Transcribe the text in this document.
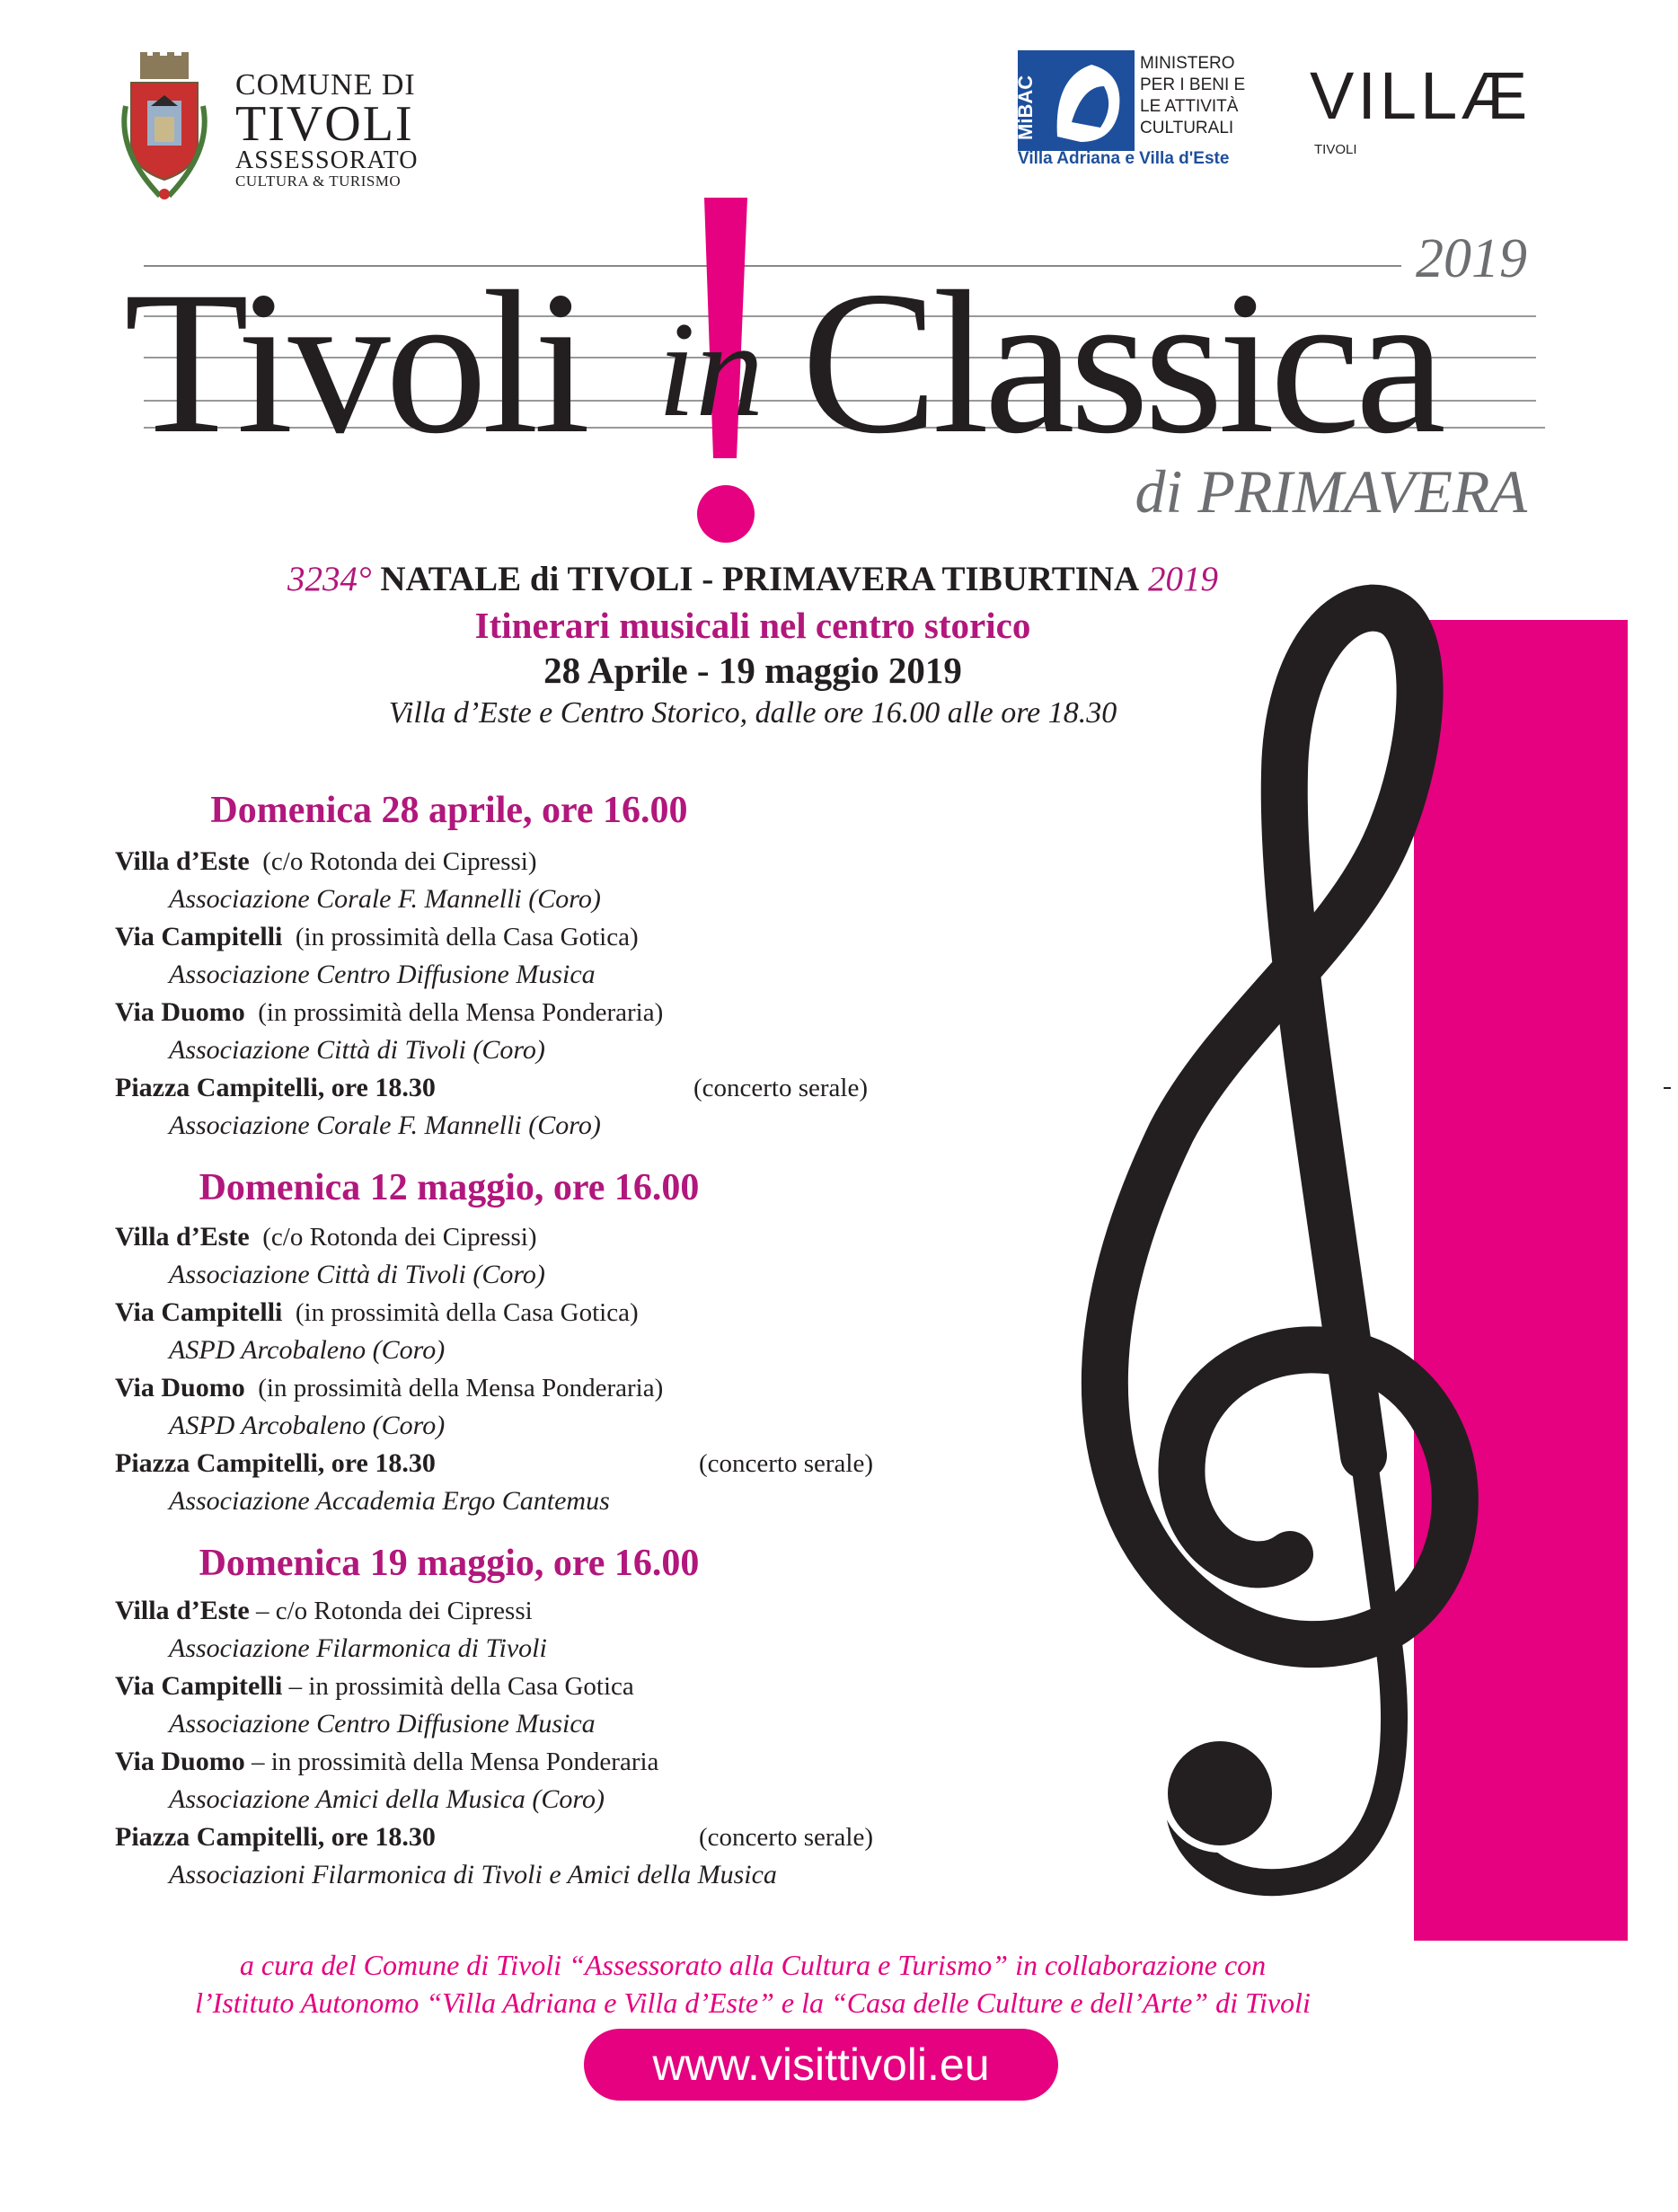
COMUNE DI
TIVOLI
ASSESSORATO
CULTURA & TURISMO
MiBAC
MINISTERO
PER I BENI E
LE ATTIVITÀ
CULTURALI
Villa Adriana e Villa d'Este
VILLÆ
TIVOLI
2019
Tivoli in Classica
di PRIMAVERA
3234° NATALE di TIVOLI - PRIMAVERA TIBURTINA 2019
Itinerari musicali nel centro storico
28 Aprile - 19 maggio 2019
Villa d’Este e Centro Storico, dalle ore 16.00 alle ore 18.30
Domenica 28 aprile, ore 16.00
Villa d’Este (c/o Rotonda dei Cipressi)
Associazione Corale F. Mannelli (Coro)
Via Campitelli (in prossimità della Casa Gotica)
Associazione Centro Diffusione Musica
Via Duomo (in prossimità della Mensa Ponderaria)
Associazione Città di Tivoli (Coro)
Piazza Campitelli, ore 18.30	(concerto serale)
Associazione Corale F. Mannelli (Coro)
Domenica 12 maggio, ore 16.00
Villa d’Este (c/o Rotonda dei Cipressi)
Associazione Città di Tivoli (Coro)
Via Campitelli (in prossimità della Casa Gotica)
ASPD Arcobaleno (Coro)
Via Duomo (in prossimità della Mensa Ponderaria)
ASPD Arcobaleno (Coro)
Piazza Campitelli, ore 18.30	(concerto serale)
Associazione Accademia Ergo Cantemus
Domenica 19 maggio, ore 16.00
Villa d’Este – c/o Rotonda dei Cipressi
Associazione Filarmonica di Tivoli
Via Campitelli – in prossimità della Casa Gotica
Associazione Centro Diffusione Musica
Via Duomo – in prossimità della Mensa Ponderaria
Associazione Amici della Musica (Coro)
Piazza Campitelli, ore 18.30	(concerto serale)
Associazioni Filarmonica di Tivoli e Amici della Musica
a cura del Comune di Tivoli “Assessorato alla Cultura e Turismo” in collaborazione con
l’Istituto Autonomo “Villa Adriana e Villa d’Este” e la “Casa delle Culture e dell’Arte” di Tivoli
www.visittivoli.eu
